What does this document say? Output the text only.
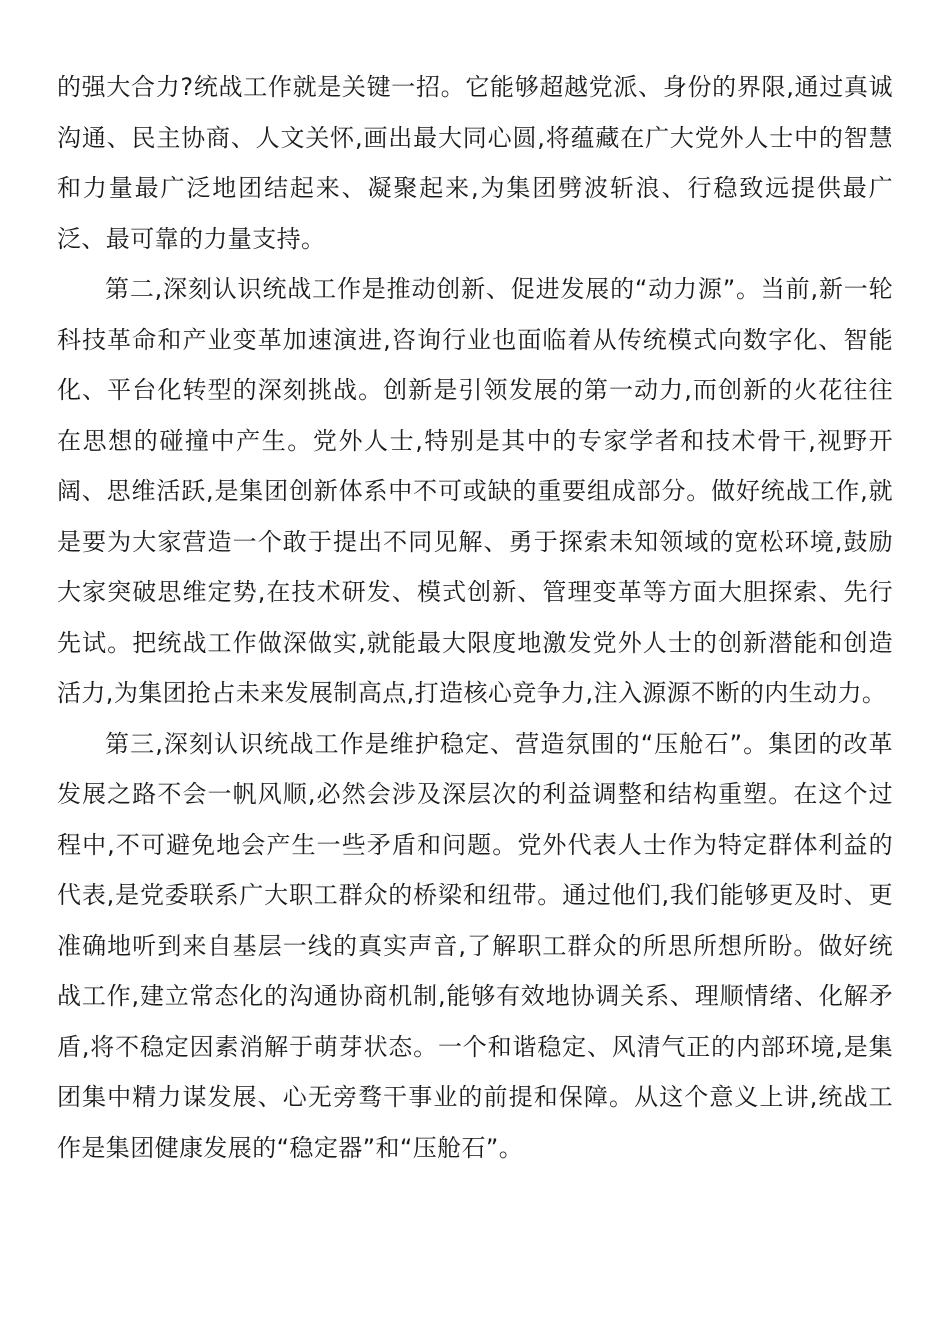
的强大合力?统战工作就是关键一招。它能够超越党派、身份的界限,通过真诚沟通、民主协商、人文关怀,画出最大同心圆,将蕴藏在广大党外人士中的智慧和力量最广泛地团结起来、凝聚起来,为集团劈波斩浪、行稳致远提供最广泛、最可靠的力量支持。

第二,深刻认识统战工作是推动创新、促进发展的“动力源”。当前,新一轮科技革命和产业变革加速演进,咨询行业也面临着从传统模式向数字化、智能化、平台化转型的深刻挑战。创新是引领发展的第一动力,而创新的火花往往在思想的碰撞中产生。党外人士,特别是其中的专家学者和技术骨干,视野开阔、思维活跃,是集团创新体系中不可或缺的重要组成部分。做好统战工作,就是要为大家营造一个敢于提出不同见解、勇于探索未知领域的宽松环境,鼓励大家突破思维定势,在技术研发、模式创新、管理变革等方面大胆探索、先行先试。把统战工作做深做实,就能最大限度地激发党外人士的创新潜能和创造活力,为集团抢占未来发展制高点,打造核心竞争力,注入源源不断的内生动力。

第三,深刻认识统战工作是维护稳定、营造氛围的“压舱石”。集团的改革发展之路不会一帆风顺,必然会涉及深层次的利益调整和结构重塑。在这个过程中,不可避免地会产生一些矛盾和问题。党外代表人士作为特定群体利益的代表,是党委联系广大职工群众的桥梁和纽带。通过他们,我们能够更及时、更准确地听到来自基层一线的真实声音,了解职工群众的所思所想所盼。做好统战工作,建立常态化的沟通协商机制,能够有效地协调关系、理顺情绪、化解矛盾,将不稳定因素消解于萌芽状态。一个和谐稳定、风清气正的内部环境,是集团集中精力谋发展、心无旁骛干事业的前提和保障。从这个意义上讲,统战工作是集团健康发展的“稳定器”和“压舱石”。
